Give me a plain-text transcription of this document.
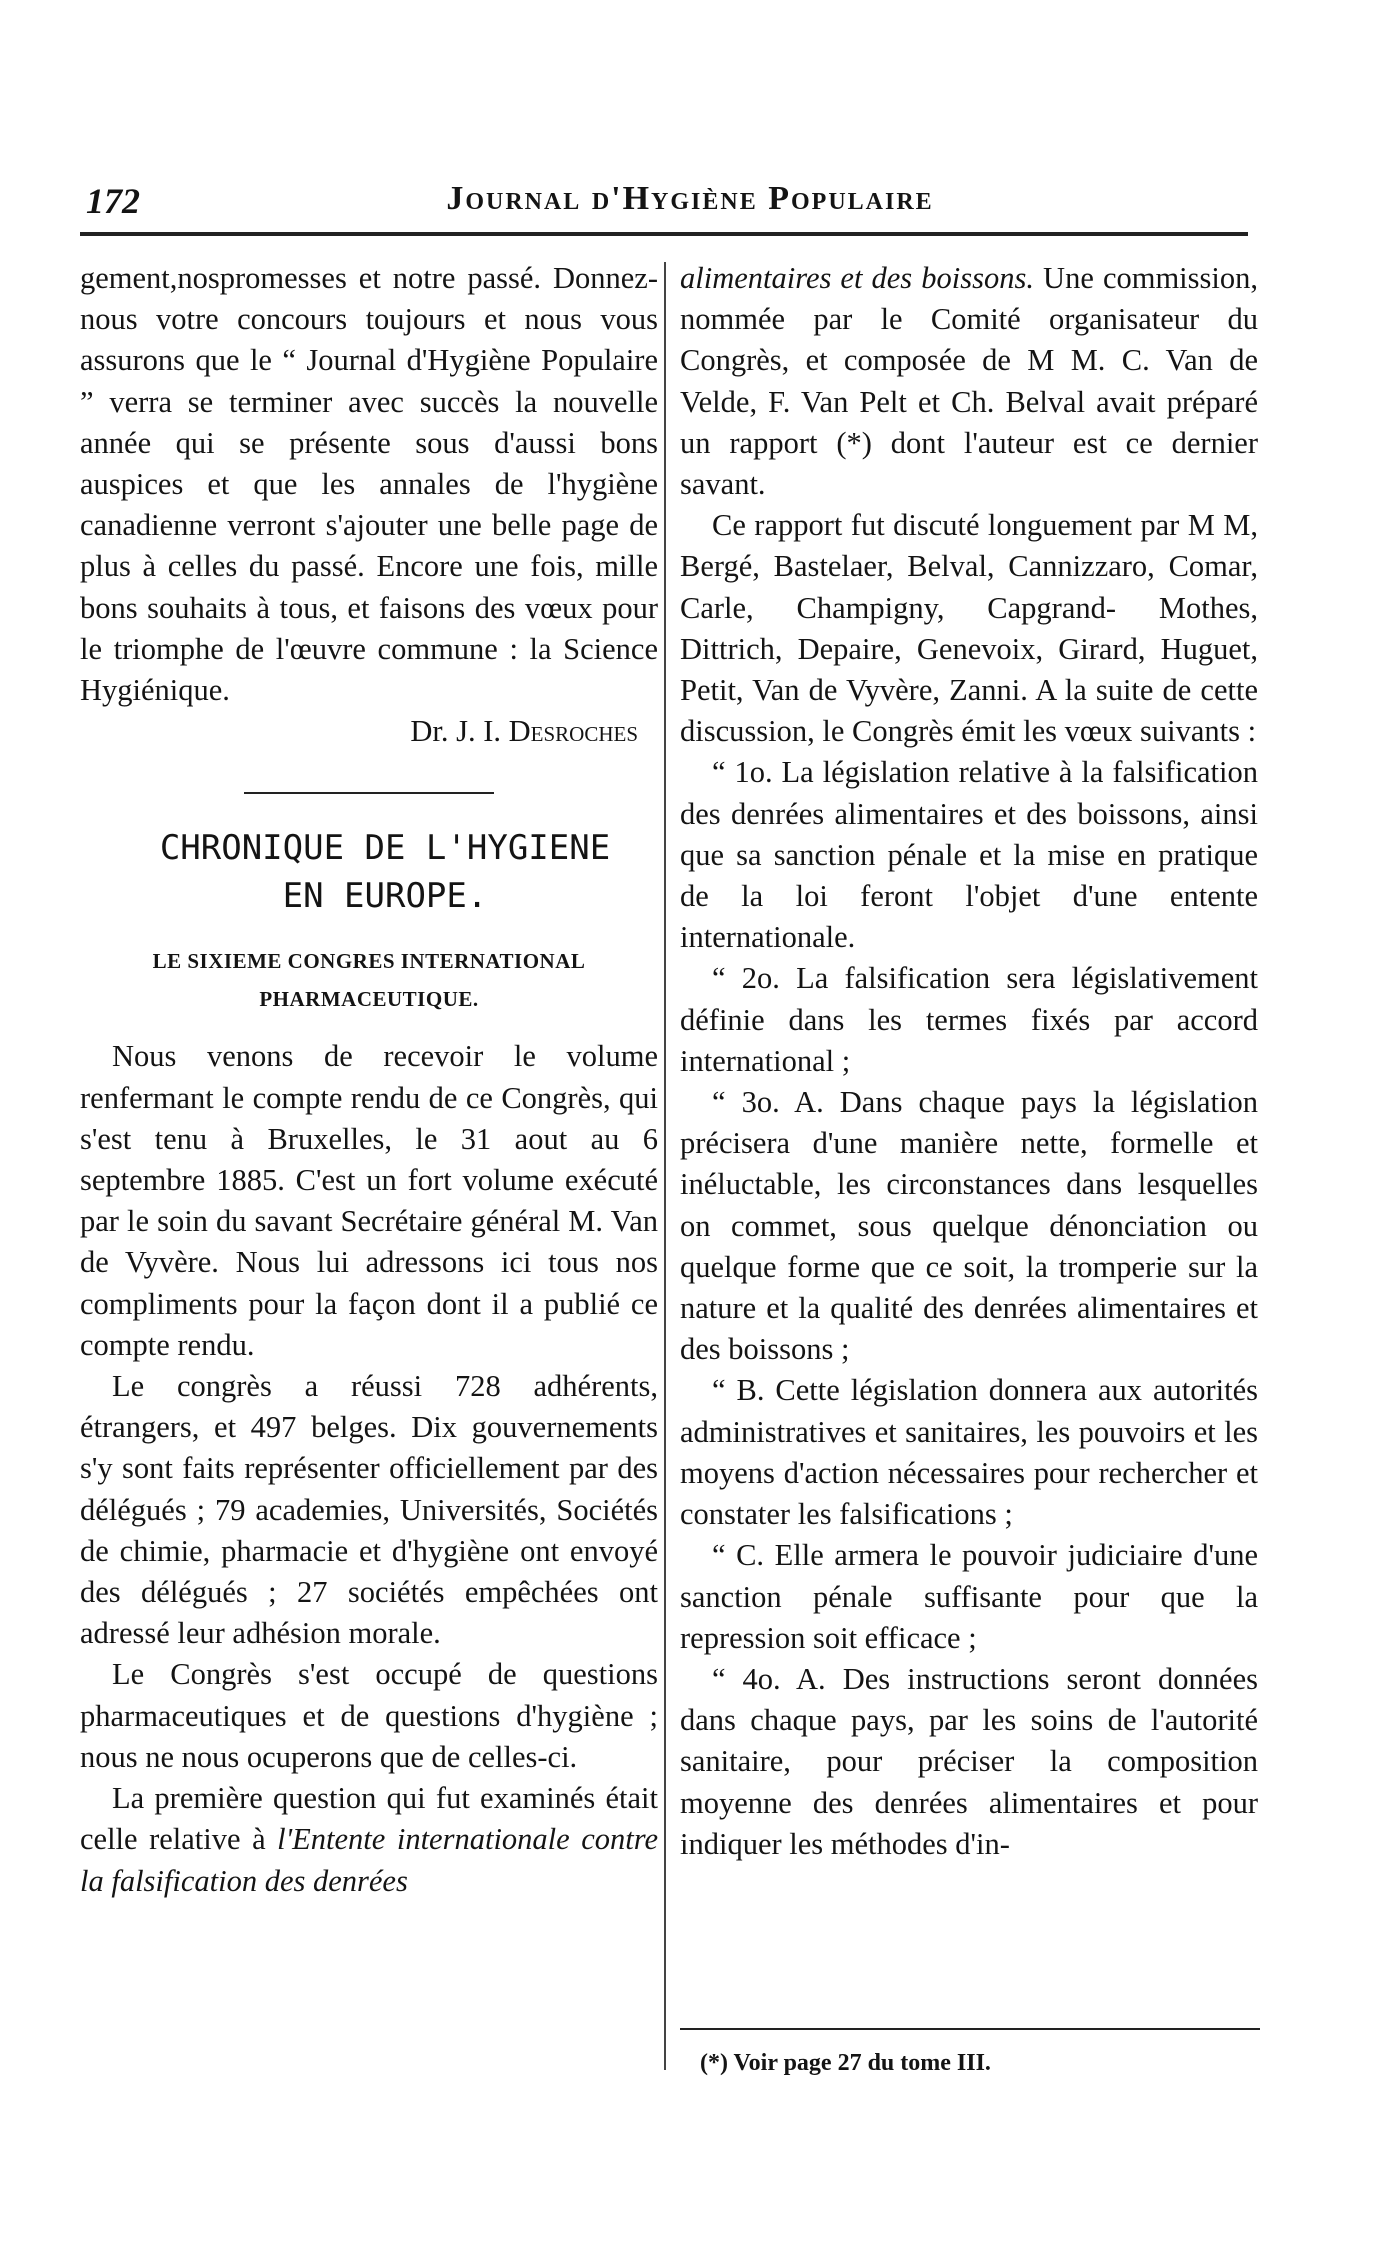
172	Journal d'Hygiène Populaire

gement,nospromesses et notre passé. Donnez-nous votre concours toujours et nous vous assurons que le “ Journal d'Hygiène Populaire ” verra se terminer avec succès la nouvelle année qui se présente sous d'aussi bons auspices et que les annales de l'hygiène canadienne verront s'ajouter une belle page de plus à celles du passé. Encore une fois, mille bons souhaits à tous, et faisons des vœux pour le triomphe de l'œuvre commune : la Science Hygiénique.

Dr. J. I. Desroches

CHRONIQUE DE L'HYGIENE

EN EUROPE.

LE SIXIEME CONGRES INTERNATIONAL
PHARMACEUTIQUE.

Nous venons de recevoir le volume renfermant le compte rendu de ce Congrès, qui s'est tenu à Bruxelles, le 31 aout au 6 septembre 1885. C'est un fort volume exécuté par le soin du savant Secrétaire général M. Van de Vyvère. Nous lui adressons ici tous nos compliments pour la façon dont il a publié ce compte rendu.

Le congrès a réussi 728 adhérents, étrangers, et 497 belges. Dix gouvernements s'y sont faits représenter officiellement par des délégués ; 79 academies, Universités, Sociétés de chimie, pharmacie et d'hygiène ont envoyé des délégués ; 27 sociétés empêchées ont adressé leur adhésion morale.

Le Congrès s'est occupé de questions pharmaceutiques et de questions d'hygiène ; nous ne nous ocuperons que de celles-ci.

La première question qui fut examinés était celle relative à l'Entente internationale contre la falsification des denrées

alimentaires et des boissons. Une commission, nommée par le Comité organisateur du Congrès, et composée de M M. C. Van de Velde, F. Van Pelt et Ch. Belval avait préparé un rapport (*) dont l'auteur est ce dernier savant.

Ce rapport fut discuté longuement par M M, Bergé, Bastelaer, Belval, Cannizzaro, Comar, Carle, Champigny, Capgrand- Mothes, Dittrich, Depaire, Genevoix, Girard, Huguet, Petit, Van de Vyvère, Zanni. A la suite de cette discussion, le Congrès émit les vœux suivants :

“ 1o. La législation relative à la falsification des denrées alimentaires et des boissons, ainsi que sa sanction pénale et la mise en pratique de la loi feront l'objet d'une entente internationale.

“ 2o. La falsification sera législativement définie dans les termes fixés par accord international ;

“ 3o. A. Dans chaque pays la législation précisera d'une manière nette, formelle et inéluctable, les circonstances dans lesquelles on commet, sous quelque dénonciation ou quelque forme que ce soit, la tromperie sur la nature et la qualité des denrées alimentaires et des boissons ;

“ B. Cette législation donnera aux autorités administratives et sanitaires, les pouvoirs et les moyens d'action nécessaires pour rechercher et constater les falsifications ;

“ C. Elle armera le pouvoir judiciaire d'une sanction pénale suffisante pour que la repression soit efficace ;

“ 4o. A. Des instructions seront données dans chaque pays, par les soins de l'autorité sanitaire, pour préciser la composition moyenne des denrées alimentaires et pour indiquer les méthodes d'in-

(*) Voir page 27 du tome III.
